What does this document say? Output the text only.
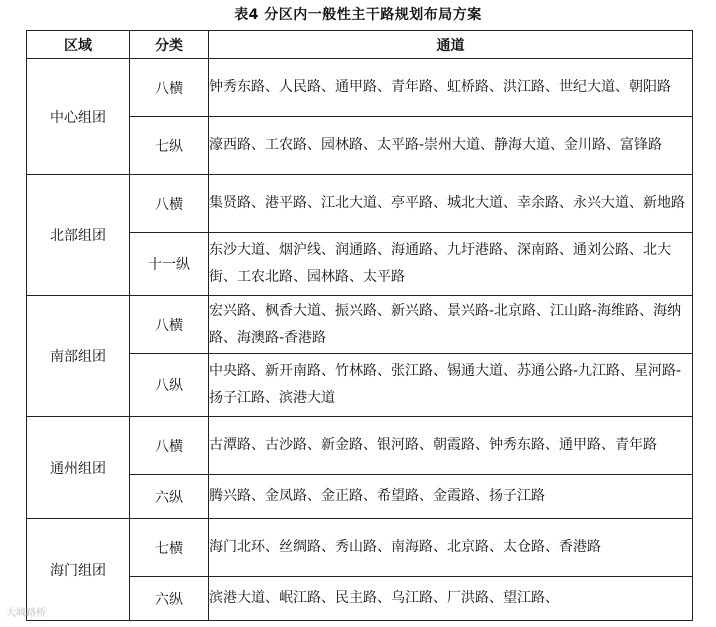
表4 分区内一般性主干路规划布局方案
区域	分类	通道
中心组团	八横	钟秀东路、人民路、通甲路、青年路、虹桥路、洪江路、世纪大道、朝阳路
	七纵	濠西路、工农路、园林路、太平路-崇州大道、静海大道、金川路、富锋路
北部组团	八横	集贤路、港平路、江北大道、亭平路、城北大道、幸余路、永兴大道、新地路
	十一纵	东沙大道、烟沪线、润通路、海通路、九圩港路、深南路、通刘公路、北大街、工农北路、园林路、太平路
南部组团	八横	宏兴路、枫香大道、振兴路、新兴路、景兴路-北京路、江山路-海维路、海纳路、海澳路-香港路
	八纵	中央路、新开南路、竹林路、张江路、锡通大道、苏通公路-九江路、星河路-扬子江路、滨港大道
通州组团	八横	古潭路、古沙路、新金路、银河路、朝霞路、钟秀东路、通甲路、青年路
	六纵	腾兴路、金凤路、金正路、希望路、金霞路、扬子江路
海门组团	七横	海门北环、丝绸路、秀山路、南海路、北京路、太仓路、香港路
	六纵	滨港大道、岷江路、民主路、乌江路、厂洪路、望江路、
大城路桥
